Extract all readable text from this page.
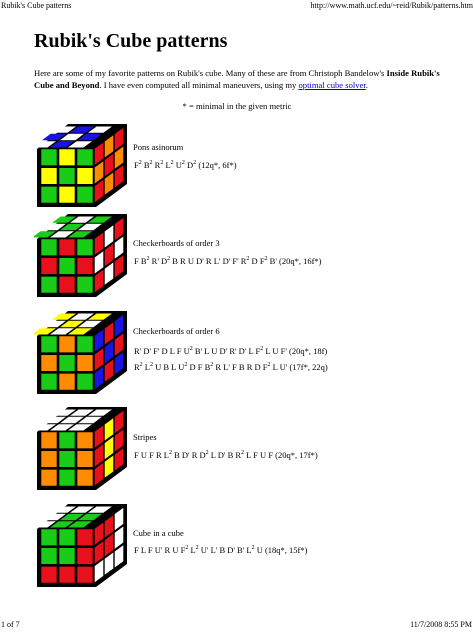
Rubik's Cube patterns	http://www.math.ucf.edu/~reid/Rubik/patterns.htm
Rubik's Cube patterns
Here are some of my favorite patterns on Rubik's cube. Many of these are from Christoph Bandelow's Inside Rubik's Cube and Beyond. I have even computed all minimal maneuvers, using my optimal cube solver.
* = minimal in the given metric
Pons asinorum
$F^2$ $B^2$ $R^2$ $L^2$ $U^2$ $D^2$ (12q*, 6f*)
Checkerboards of order 3
F $B^2$ R' $D^2$ B R U D' R L' D' F' $R^2$ D $F^2$ B' (20q*, 16f*)
Checkerboards of order 6
R' D' F' D L F $U^2$ B' L U D' R' D' L $F^2$ L U F' (20q*, 18f)
$R^2$ $L^2$ U B L $U^2$ D F $B^2$ R L' F B R D $F^2$ L U' (17f*, 22q)
Stripes
F U F R $L^2$ B D' R $D^2$ L D' B $R^2$ L F U F (20q*, 17f*)
Cube in a cube
F L F U' R U $F^2$ $L^2$ U' L' B D' B' $L^2$ U (18q*, 15f*)
1 of 7	11/7/2008 8:55 PM
